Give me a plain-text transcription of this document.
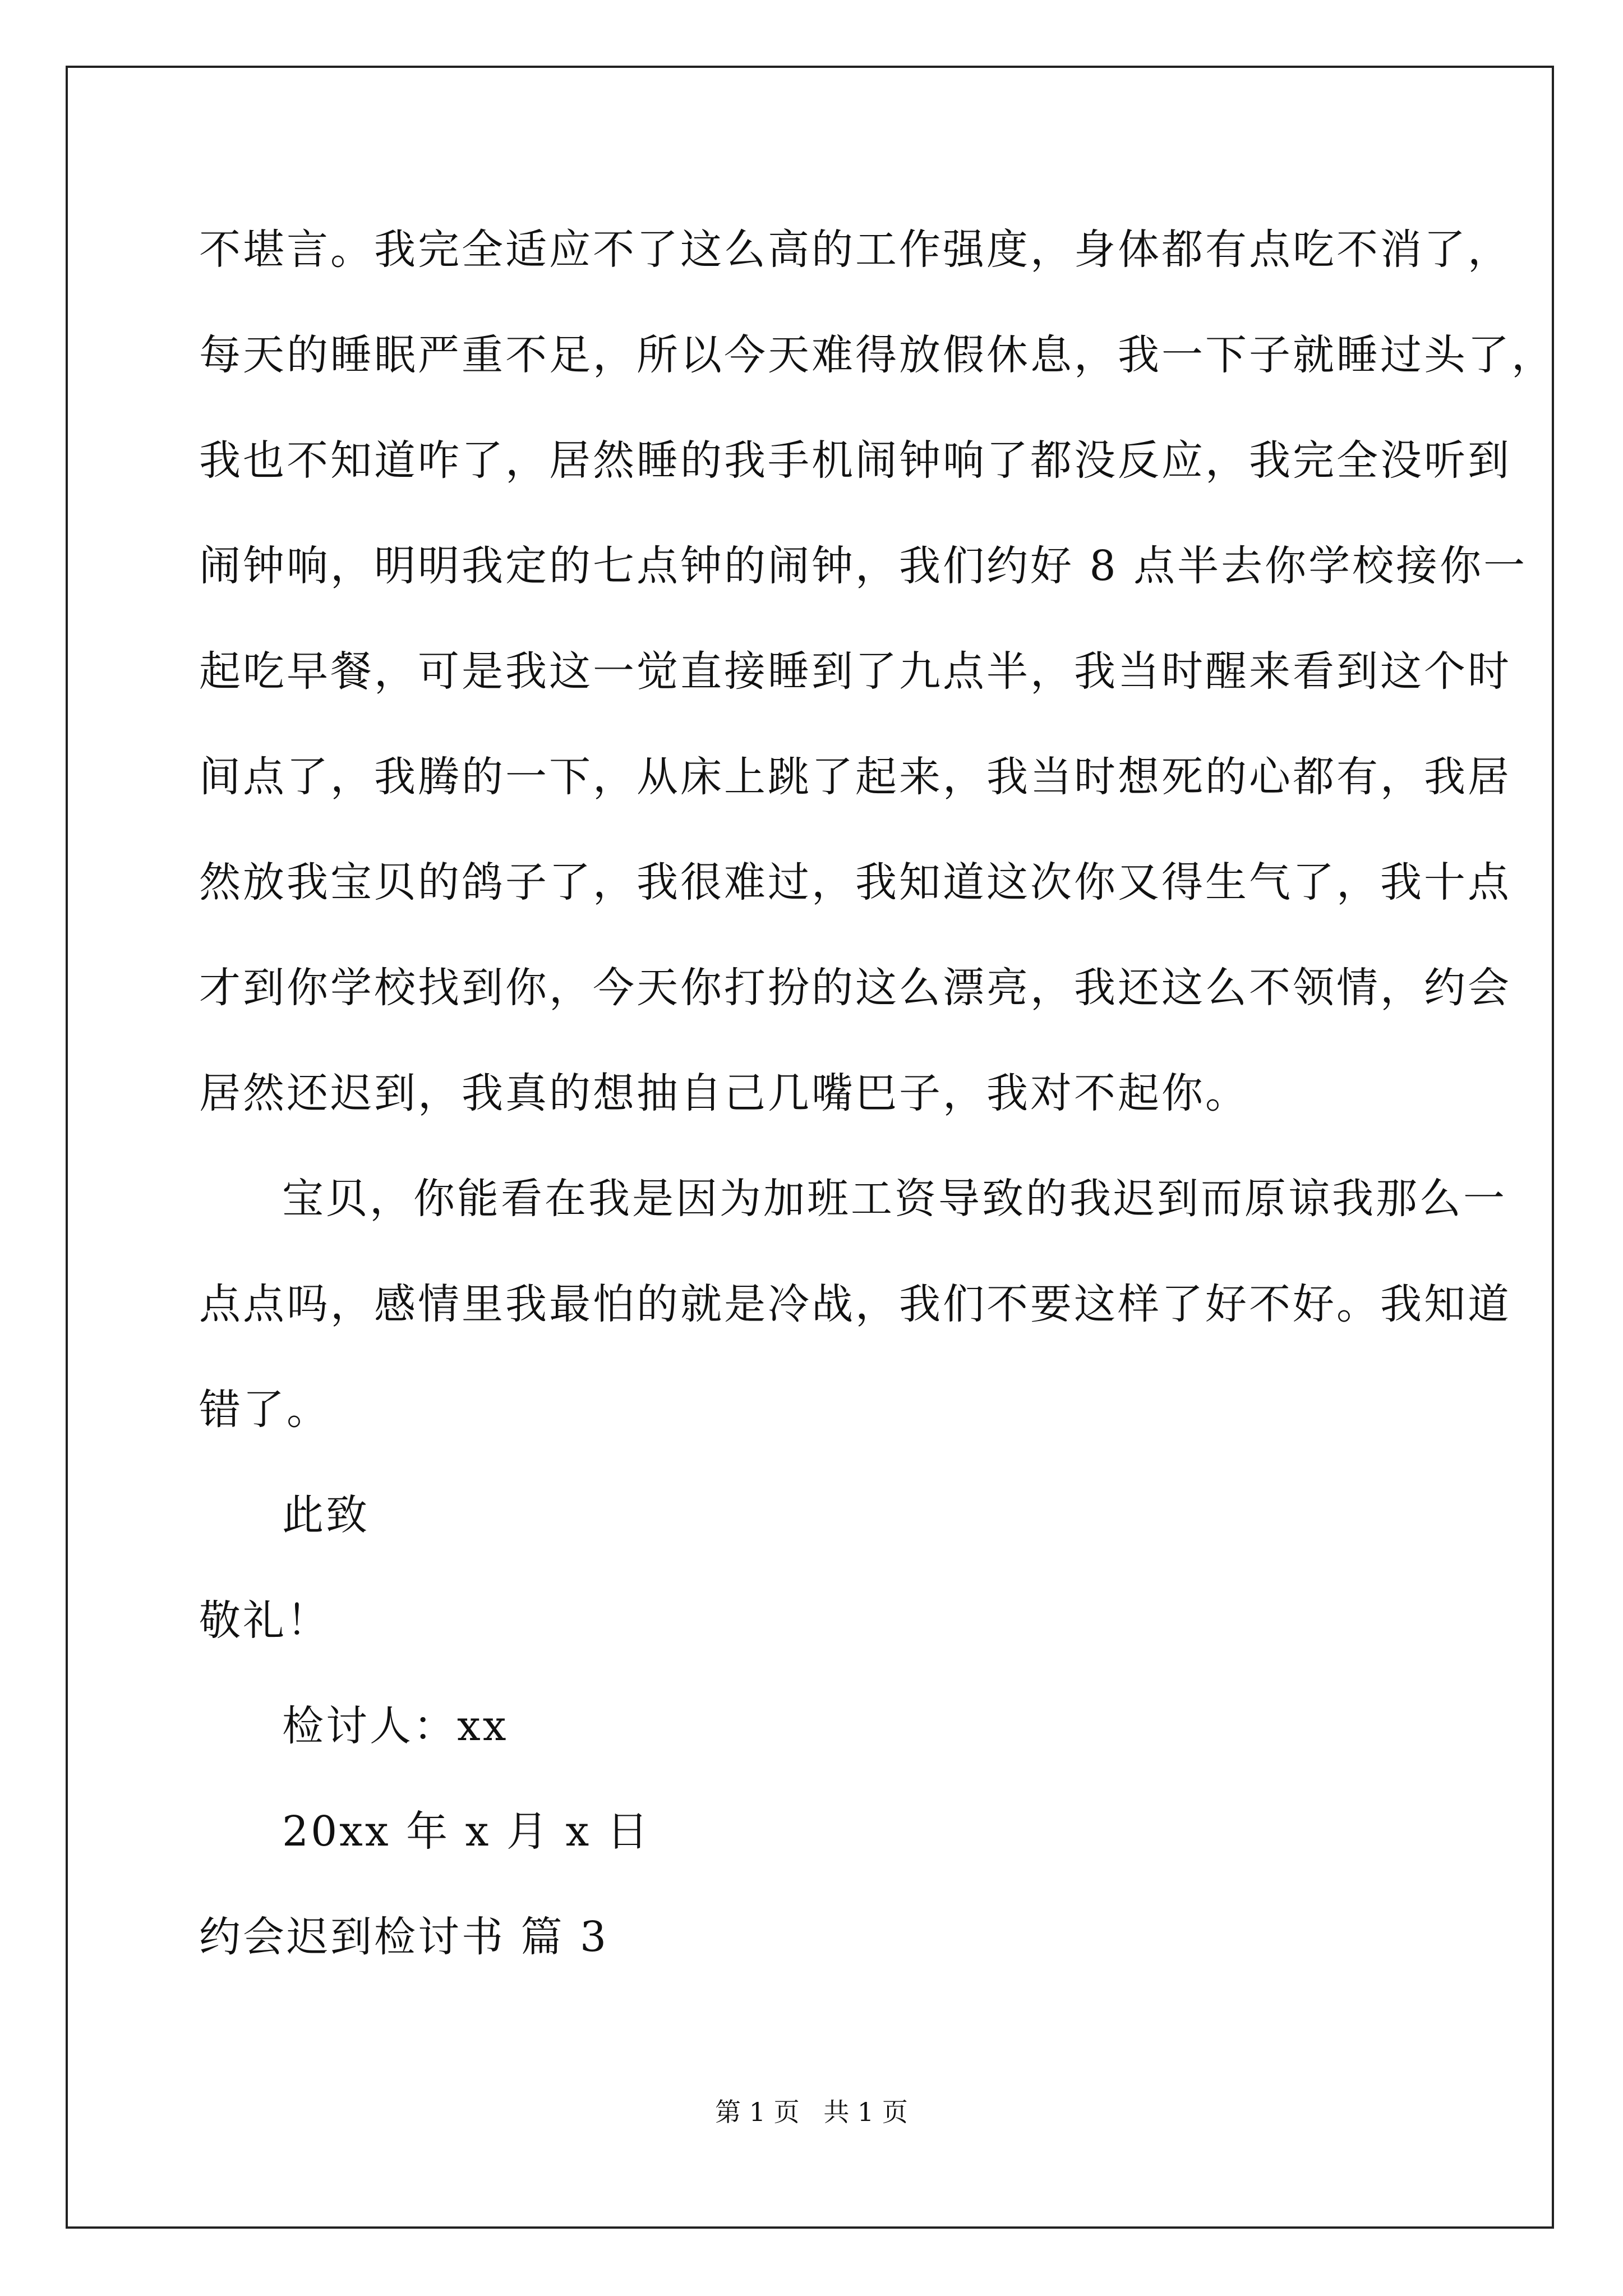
不堪言。我完全适应不了这么高的工作强度，身体都有点吃不消了，
每天的睡眠严重不足，所以今天难得放假休息，我一下子就睡过头了，
我也不知道咋了，居然睡的我手机闹钟响了都没反应，我完全没听到
闹钟响，明明我定的七点钟的闹钟，我们约好 8 点半去你学校接你一
起吃早餐，可是我这一觉直接睡到了九点半，我当时醒来看到这个时
间点了，我腾的一下，从床上跳了起来，我当时想死的心都有，我居
然放我宝贝的鸽子了，我很难过，我知道这次你又得生气了，我十点
才到你学校找到你，今天你打扮的这么漂亮，我还这么不领情，约会
居然还迟到，我真的想抽自己几嘴巴子，我对不起你。
宝贝，你能看在我是因为加班工资导致的我迟到而原谅我那么一
点点吗，感情里我最怕的就是冷战，我们不要这样了好不好。我知道
错了。
此致
敬礼！
检讨人：xx
20xx 年 x 月 x 日
约会迟到检讨书 篇 3
第 1 页 共 1 页
